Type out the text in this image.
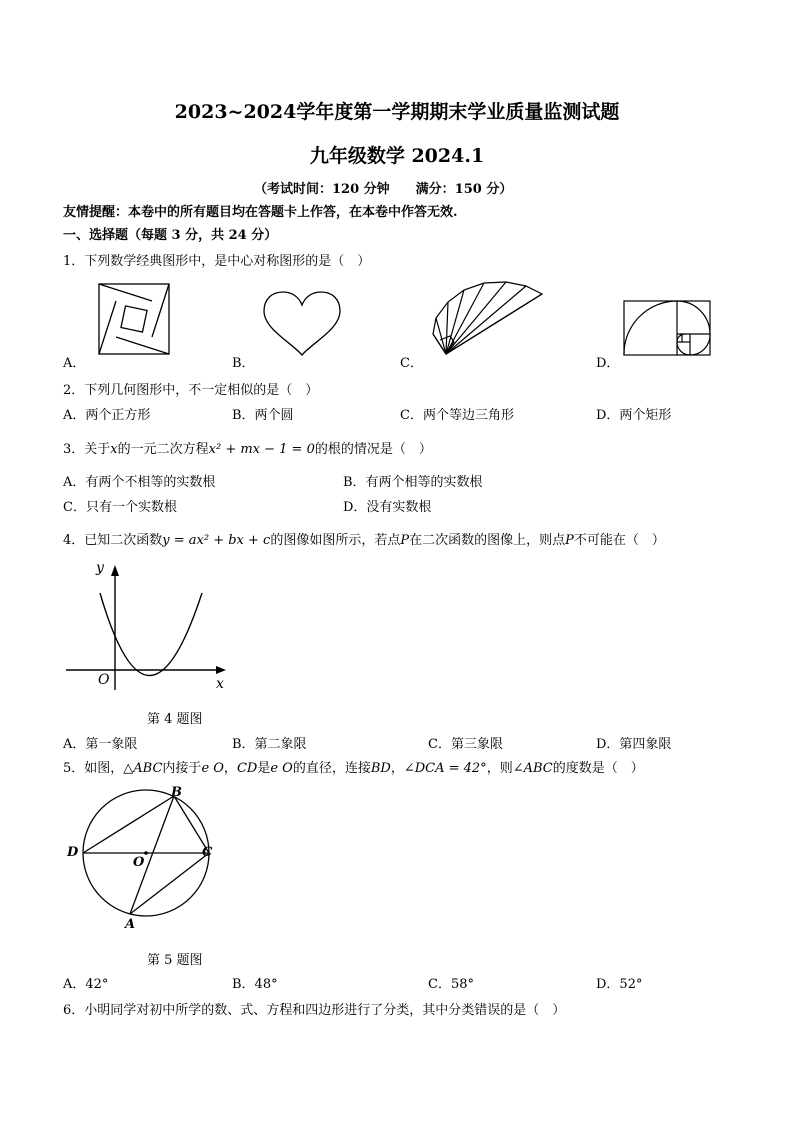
2023~2024学年度第一学期期末学业质量监测试题
九年级数学 2024.1
（考试时间：120 分钟　　满分：150 分）
友情提醒：本卷中的所有题目均在答题卡上作答，在本卷中作答无效.
一、选择题（每题 3 分，共 24 分）
1．下列数学经典图形中，是中心对称图形的是（　）
A．	B．	C．	D．
2．下列几何图形中，不一定相似的是（　）
A．两个正方形	B．两个圆	C．两个等边三角形	D．两个矩形
3．关于x的一元二次方程x² + mx − 1 = 0的根的情况是（　）
A．有两个不相等的实数根	B．有两个相等的实数根
C．只有一个实数根	D．没有实数根
4．已知二次函数y = ax² + bx + c的图像如图所示，若点P在二次函数的图像上，则点P不可能在（　）
y
x
O
第 4 题图
A．第一象限	B．第二象限	C．第三象限	D．第四象限
5．如图，△ABC内接于e O，CD是e O的直径，连接BD，∠DCA = 42°，则∠ABC的度数是（　）
B
D
O
C
A
第 5 题图
A．42°	B．48°	C．58°	D．52°
6．小明同学对初中所学的数、式、方程和四边形进行了分类，其中分类错误的是（　）
